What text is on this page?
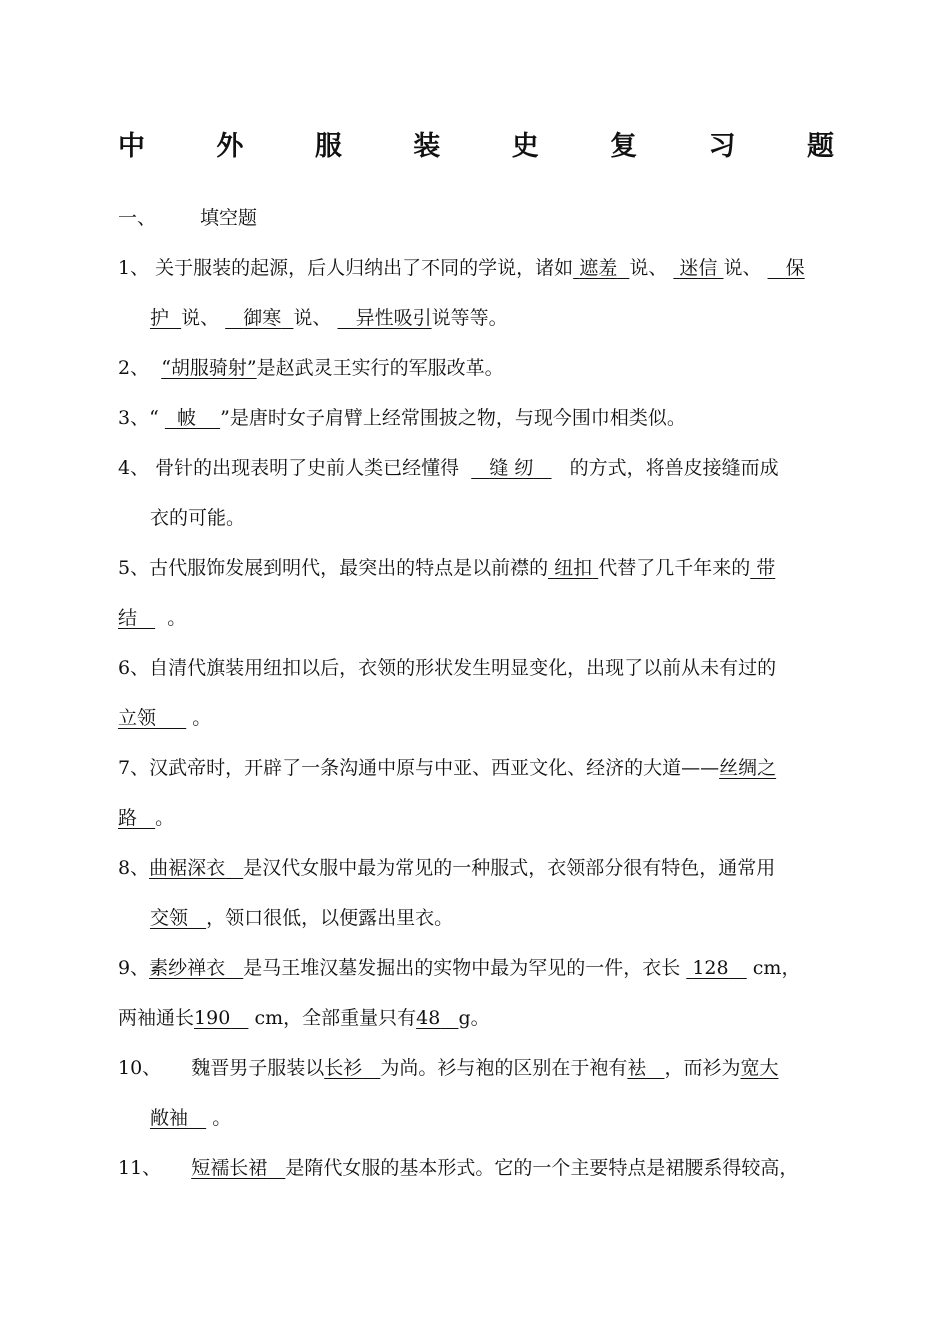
中	外	服	装	史	复	习	题
一、 填空题
1、 关于服装的起源，后人归纳出了不同的学说，诸如 遮羞 说、 迷信 说、 保
护 说、 御寒 说、 异性吸引说等等。
2、 “胡服骑射”是赵武灵王实行的军服改革。
3、“ 帔 ”是唐时女子肩臂上经常围披之物，与现今围巾相类似。
4、 骨针的出现表明了史前人类已经懂得 缝 纫 的方式，将兽皮接缝而成
衣的可能。
5、古代服饰发展到明代，最突出的特点是以前襟的 纽扣 代替了几千年来的 带
结 。
6、自清代旗装用纽扣以后，衣领的形状发生明显变化，出现了以前从未有过的
立领 。
7、汉武帝时，开辟了一条沟通中原与中亚、西亚文化、经济的大道——丝绸之
路 。
8、曲裾深衣 是汉代女服中最为常见的一种服式，衣领部分很有特色，通常用
交领 ，领口很低，以便露出里衣。
9、素纱禅衣 是马王堆汉墓发掘出的实物中最为罕见的一件，衣长 128 cm，
两袖通长190 cm，全部重量只有48 g。
10、 魏晋男子服装以长衫 为尚。衫与袍的区别在于袍有袪 ，而衫为宽大
敞袖 。
11、 短襦长裙 是隋代女服的基本形式。它的一个主要特点是裙腰系得较高，
